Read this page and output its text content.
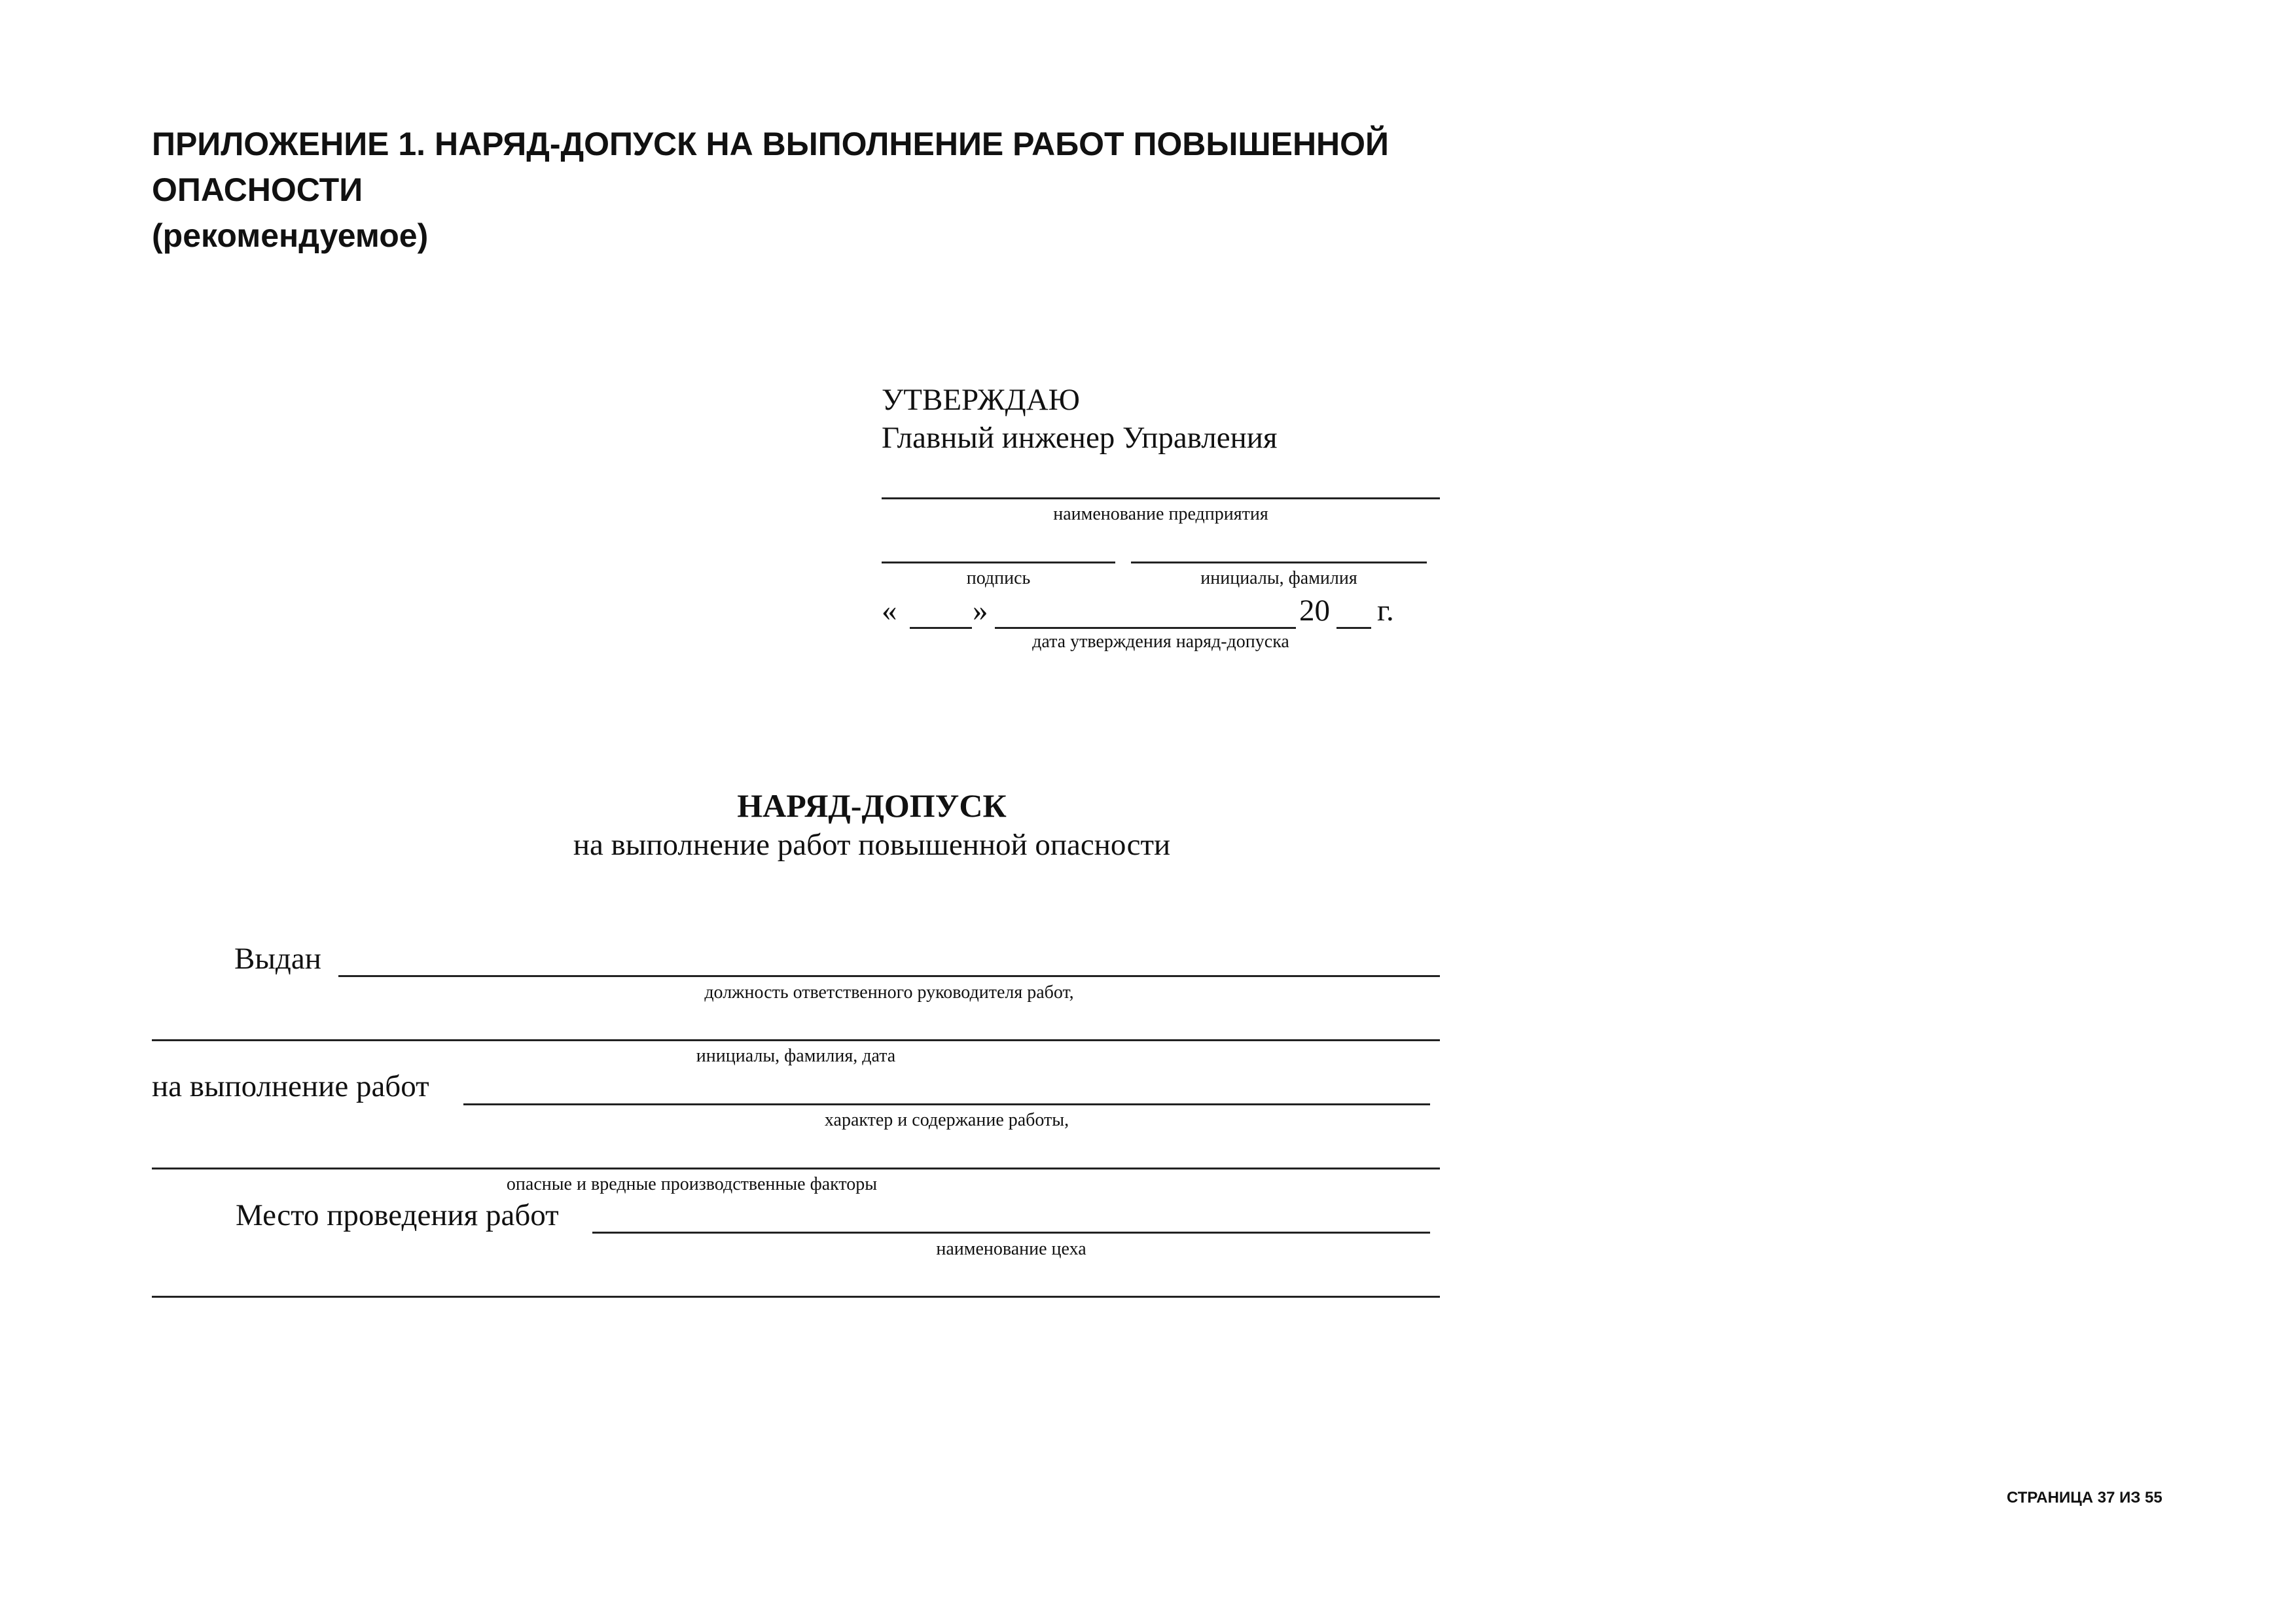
ПРИЛОЖЕНИЕ 1. НАРЯД-ДОПУСК НА ВЫПОЛНЕНИЕ РАБОТ ПОВЫШЕННОЙ
ОПАСНОСТИ
(рекомендуемое)
УТВЕРЖДАЮ
Главный инженер Управления
наименование предприятия
подпись	инициалы, фамилия
« »	20 г.
дата утверждения наряд-допуска
НАРЯД-ДОПУСК
на выполнение работ повышенной опасности
Выдан
должность ответственного руководителя работ,
инициалы, фамилия, дата
на выполнение работ
характер и содержание работы,
опасные и вредные производственные факторы
Место проведения работ
наименование цеха
СТРАНИЦА 37 ИЗ 55
